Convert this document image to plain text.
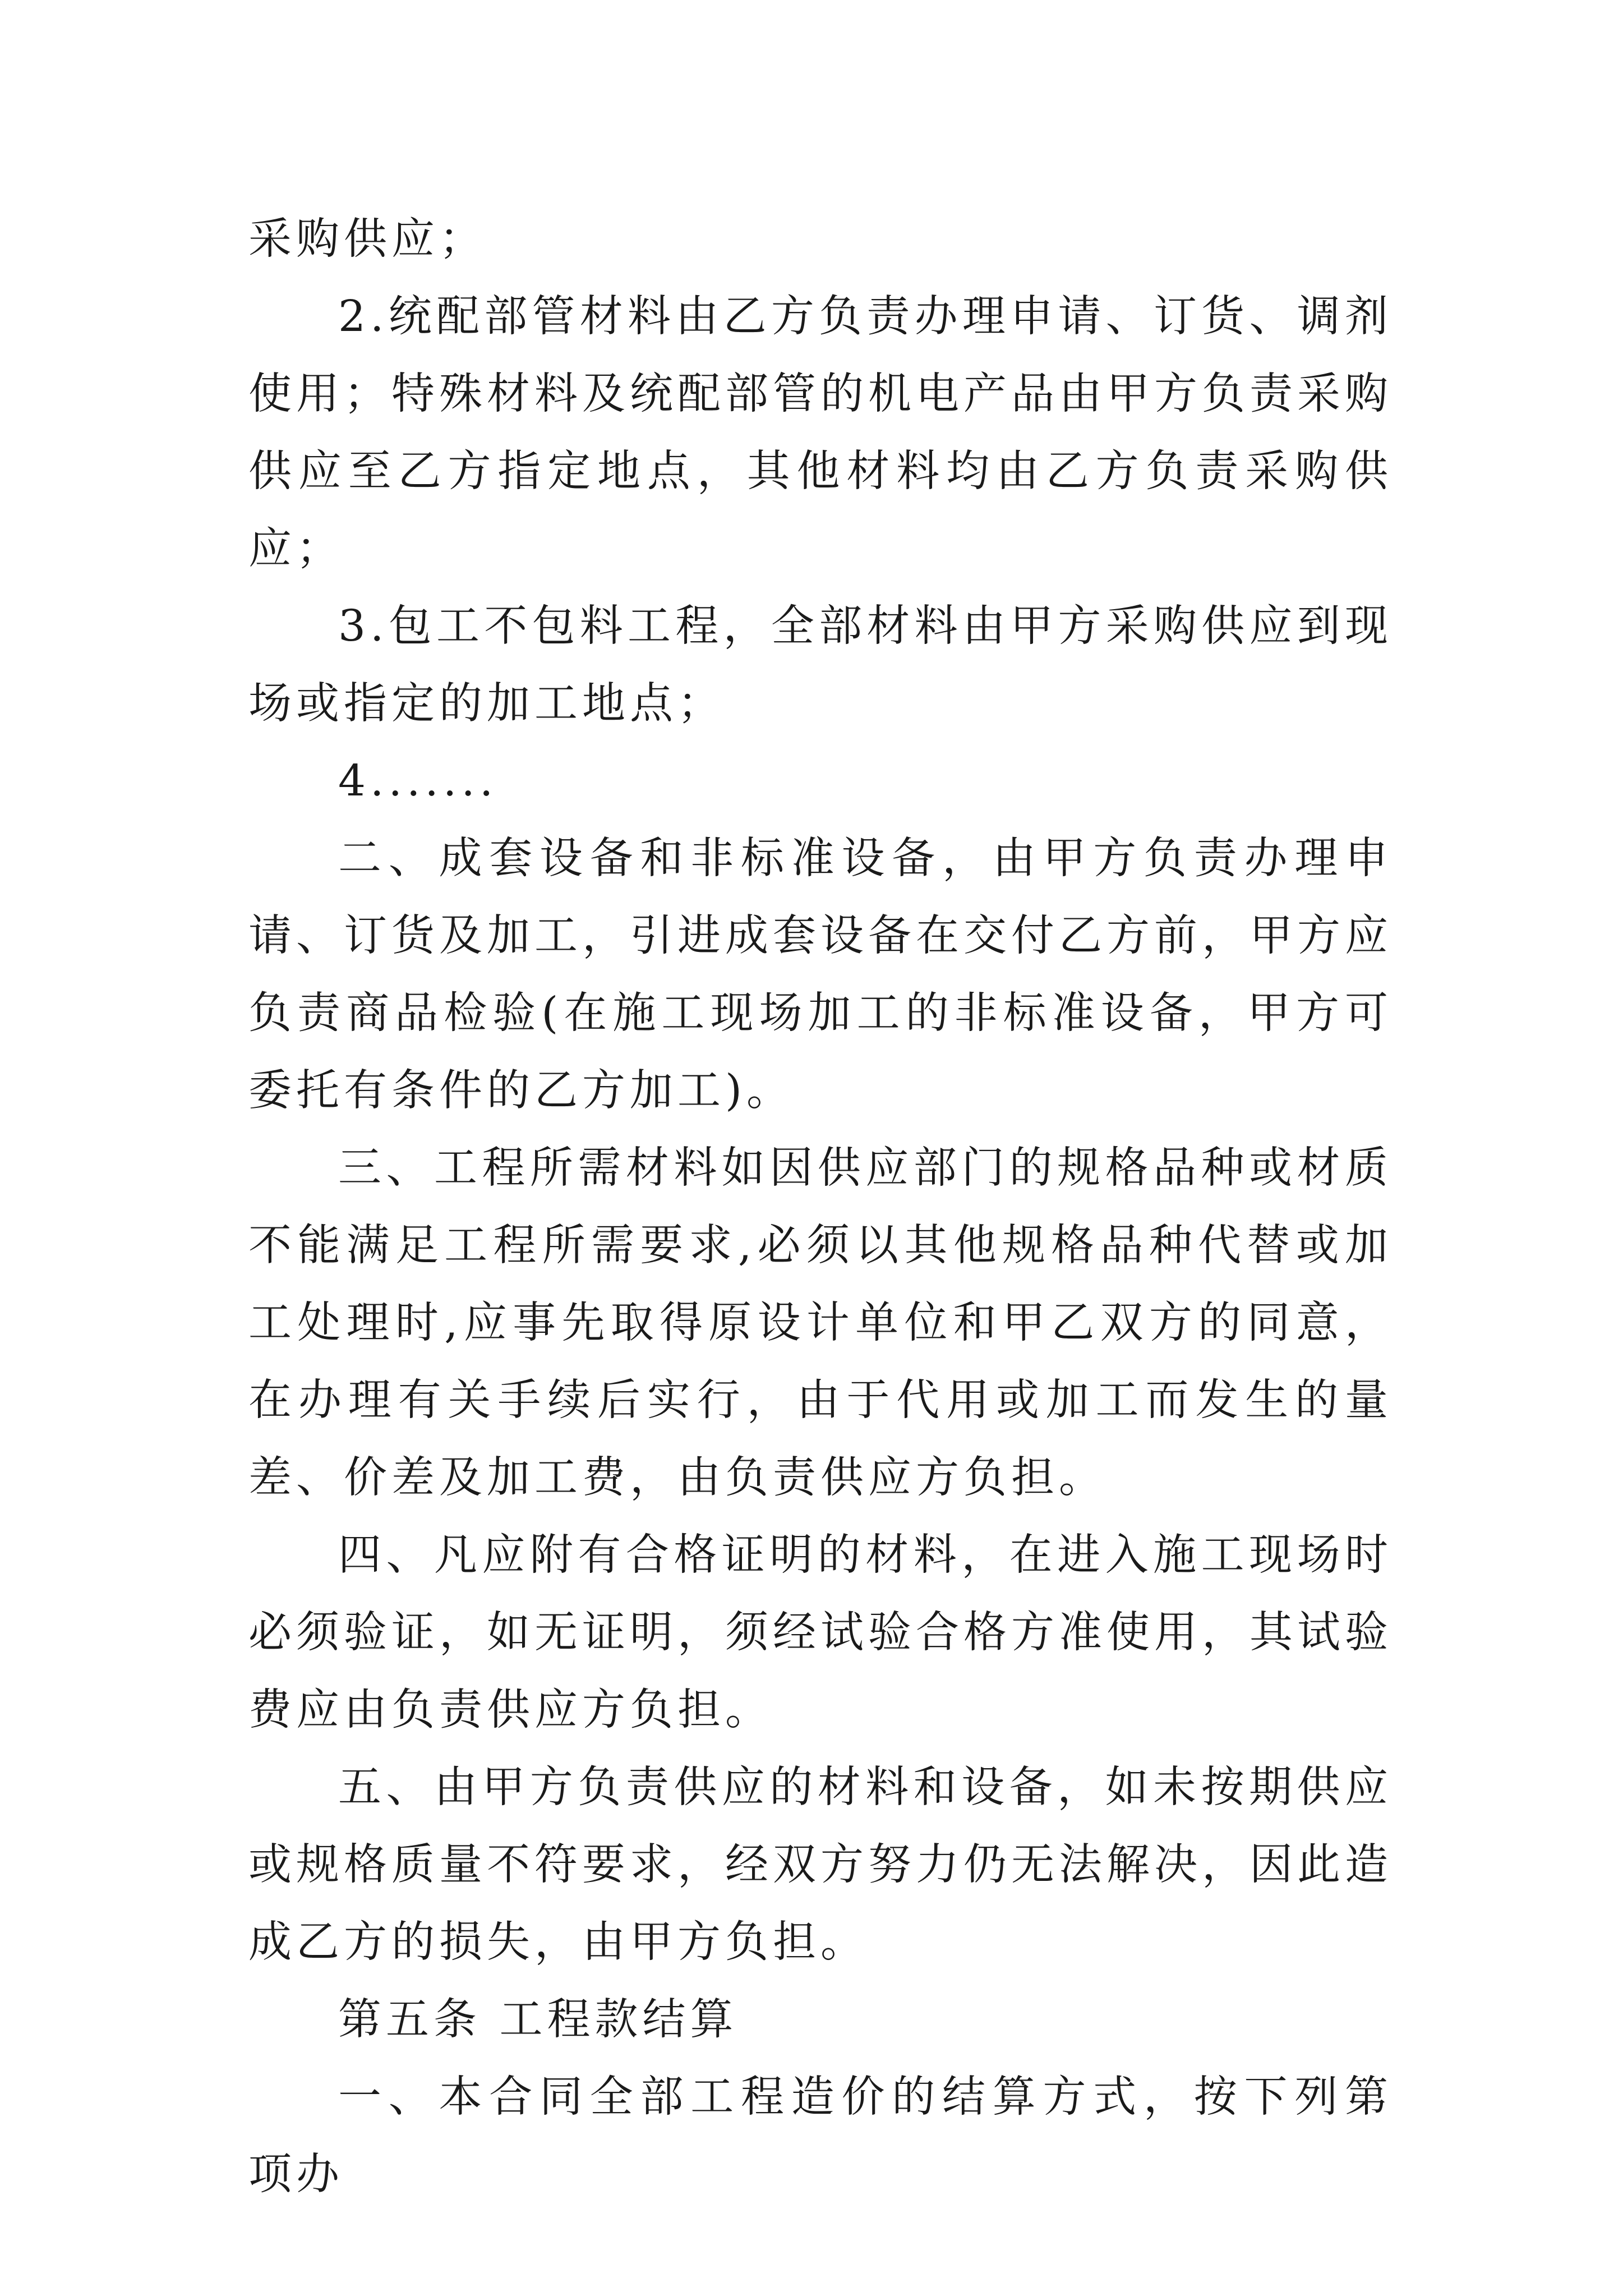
采购供应；

2.统配部管材料由乙方负责办理申请、订货、调剂使用；特殊材料及统配部管的机电产品由甲方负责采购供应至乙方指定地点，其他材料均由乙方负责采购供应；

3.包工不包料工程，全部材料由甲方采购供应到现场或指定的加工地点；

4.......

二、成套设备和非标准设备，由甲方负责办理申请、订货及加工，引进成套设备在交付乙方前，甲方应负责商品检验(在施工现场加工的非标准设备，甲方可委托有条件的乙方加工)。

三、工程所需材料如因供应部门的规格品种或材质不能满足工程所需要求,必须以其他规格品种代替或加工处理时,应事先取得原设计单位和甲乙双方的同意，在办理有关手续后实行，由于代用或加工而发生的量差、价差及加工费，由负责供应方负担。

四、凡应附有合格证明的材料，在进入施工现场时必须验证，如无证明，须经试验合格方准使用，其试验费应由负责供应方负担。

五、由甲方负责供应的材料和设备，如未按期供应或规格质量不符要求，经双方努力仍无法解决，因此造成乙方的损失，由甲方负担。

第五条 工程款结算

一、本合同全部工程造价的结算方式，按下列第 项办
